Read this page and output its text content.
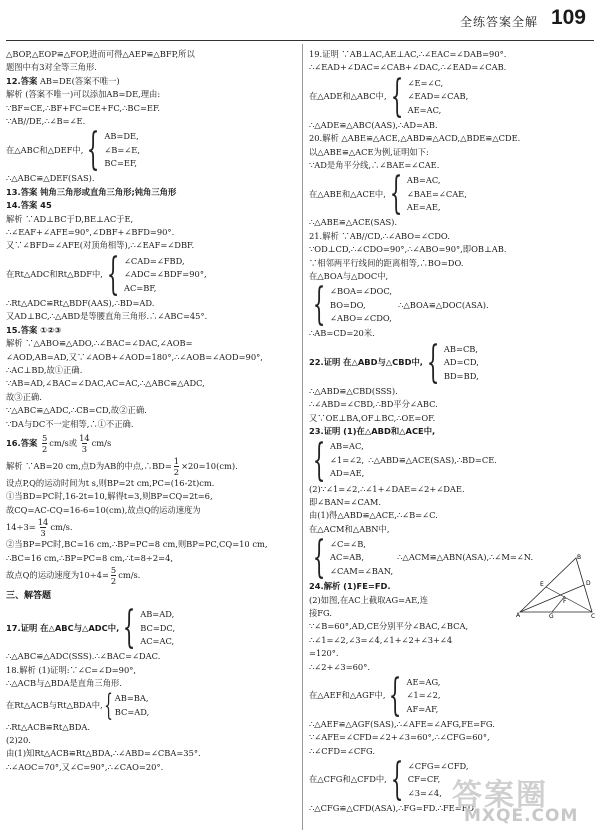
全练答案全解 109
△BOP,△EOP≌△FOP,进而可得△AEP≌△BFP,所以
题图中有3对全等三角形.
12.答案 AB=DE(答案不唯一)
解析 (答案不唯一)可以添加AB=DE,理由:
∵BF=CE,∴BF+FC=CE+FC,∴BC=EF.
∵AB//DE,∴∠B=∠E.
在△ABC和△DEF中, { AB=DE,
∠B=∠E,
BC=EF,
∴△ABC≌△DEF(SAS).
13.答案 钝角三角形或直角三角形;钝角三角形
14.答案 45
解析 ∵AD⊥BC于D,BE⊥AC于E,
∴∠EAF+∠AFE=90°,∠DBF+∠BFD=90°.
又∵∠BFD=∠AFE(对顶角相等),∴∠EAF=∠DBF.
在Rt△ADC和Rt△BDF中, { ∠CAD=∠FBD,
∠ADC=∠BDF=90°,
AC=BF,
∴Rt△ADC≌Rt△BDF(AAS),∴BD=AD.
又AD⊥BC,∴△ABD是等腰直角三角形.∴∠ABC=45°.
15.答案 ①②③
解析 ∵△ABO≌△ADO,∴∠BAC=∠DAC,∠AOB=
∠AOD,AB=AD,又∵∠AOB+∠AOD=180°,∴∠AOB=∠AOD=90°,
∴AC⊥BD,故①正确.
∵AB=AD,∠BAC=∠DAC,AC=AC,∴△ABC≌△ADC,
故③正确.
∵△ABC≌△ADC,∴CB=CD,故②正确.
∵DA与DC不一定相等,∴①不正确.
16.答案
$\frac{5}{2} cm/s$或 $\frac{14}{3} cm/s$
解析 ∵AB=20 cm,点D为AB的中点,∴BD= $\frac{1}{2} \times 20=10(cm)$.
设点P,Q的运动时间为t s,则BP=2t cm,PC=(16-2t)cm.
①当BD=PC时,16-2t=10,解得t=3,则BP=CQ=2t=6,
故CQ=AC-CQ=16-6=10(cm),故点Q的运动速度为
$14\div 3= \frac{14}{3} cm/s$.
②当BP=PC时,BC=16 cm,∴BP=PC=8 cm,则BP=PC,CQ=10 cm,
∴BC=16 cm,∴BP=PC=8 cm,∴t=8÷2=4,
故点Q的运动速度为$10\div 4= \frac{5}{2} cm/s$.
三、解答题
17.证明 在△ABC与△ADC中, { AB=AD,
BC=DC,
AC=AC,
∴△ABC≌△ADC(SSS).∴∠BAC=∠DAC.
18.解析 (1)证明:∵∠C=∠D=90°,
∴△ACB与△BDA是直角三角形.
在Rt△ACB与Rt△BDA中, { AB=BA,
BC=AD,
∴Rt△ACB≌Rt△BDA.
(2)20.
由(1)知Rt△ACB≌Rt△BDA,∴∠ABD=∠CBA=35°.
∴∠AOC=70°,又∠C=90°,∴∠CAO=20°.
19.证明 ∵AB⊥AC,AE⊥AC,∴∠EAC=∠DAB=90°.
∴∠EAD+∠DAC=∠CAB+∠DAC,∴∠EAD=∠CAB.
在△ADE和△ABC中, { ∠E=∠C,
∠EAD=∠CAB,
AE=AC,
∴△ADE≌△ABC(AAS),∴AD=AB.
20.解析 △ABE≌△ACE,△ABD≌△ACD,△BDE≌△CDE.
以△ABE≌△ACE为例,证明如下:
∵AD是角平分线,∴∠BAE=∠CAE.
在△ABE和△ACE中, { AB=AC,
∠BAE=∠CAE,
AE=AE,
∴△ABE≌△ACE(SAS).
21.解析 ∵AB//CD,∴∠ABO=∠CDO.
∵OD⊥CD,∴∠CDO=90°,∴∠ABO=90°,即OB⊥AB.
∵相邻两平行线间的距离相等,∴BO=DO.
在△BOA与△DOC中,
{ ∠BOA=∠DOC,
BO=DO,
∠ABO=∠CDO,
∴△BOA≌△DOC(ASA).
∴AB=CD=20米.
22.证明 在△ABD与△CBD中, { AB=CB,
AD=CD,
BD=BD,
∴△ABD≌△CBD(SSS).
∴∠ABD=∠CBD,∴BD平分∠ABC.
又∵OE⊥BA,OF⊥BC,∴OE=OF.
23.证明 (1)在△ABD和△ACE中,
{ AB=AC,
∠1=∠2,
AD=AE,
∴△ABD≌△ACE(SAS),∴BD=CE.
(2)∵∠1=∠2,∴∠1+∠DAE=∠2+∠DAE.
即∠BAN=∠CAM.
由(1)得△ABD≌△ACE,∴∠B=∠C.
在△ACM和△ABN中,
{ ∠C=∠B,
AC=AB,
∠CAM=∠BAN,
∴△ACM≌△ABN(ASA),∴∠M=∠N.
24.解析 (1)FE=FD.
(2)如图,在AC上截取AG=AE,连
接FG.
∵∠B=60°,AD,CE分别平分∠BAC,∠BCA,
∴∠1=∠2,∠3=∠4,∠1+∠2+∠3+∠4
=120°.
∴∠2+∠3=60°.
在△AEF和△AGF中, { AE=AG,
∠1=∠2,
AF=AF,
∴△AEF≌△AGF(SAS),∴∠AFE=∠AFG,FE=FG.
∵∠AFE=∠CFD=∠2+∠3=60°,∴∠CFG=60°,
∴∠CFD=∠CFG.
在△CFG和△CFD中, { ∠CFG=∠CFD,
CF=CF,
∠3=∠4,
∴△CFG≌△CFD(ASA),∴FG=FD.∴FE=FD.
A
B
C
D
E
F
G
答案圈
MXQE.COM
